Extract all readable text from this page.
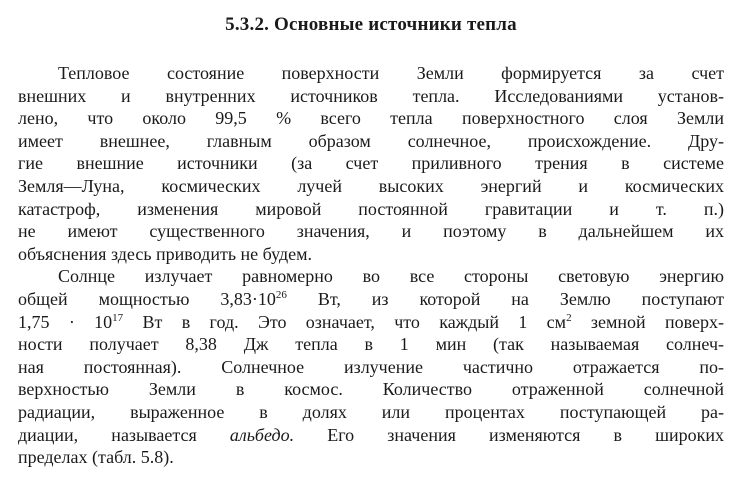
5.3.2. Основные источники тепла
Тепловое состояние поверхности Земли формируется за счет
внешних и внутренних источников тепла. Исследованиями установ-
лено, что около 99,5 % всего тепла поверхностного слоя Земли
имеет внешнее, главным образом солнечное, происхождение. Дру-
гие внешние источники (за счет приливного трения в системе
Земля—Луна, космических лучей высоких энергий и космических
катастроф, изменения мировой постоянной гравитации и т. п.)
не имеют существенного значения, и поэтому в дальнейшем их
объяснения здесь приводить не будем.
Солнце излучает равномерно во все стороны световую энергию
общей мощностью $3,83\cdot 10^{26}$ Вт, из которой на Землю поступают
$1,75 \cdot 10^{17}$ Вт в год. Это означает, что каждый 1 $см^2$ земной поверх-
ности получает 8,38 Дж тепла в 1 мин (так называемая солнеч-
ная постоянная). Солнечное излучение частично отражается по-
верхностью Земли в космос. Количество отраженной солнечной
радиации, выраженное в долях или процентах поступающей ра-
диации, называется альбедо. Его значения изменяются в широких
пределах (табл. 5.8).
